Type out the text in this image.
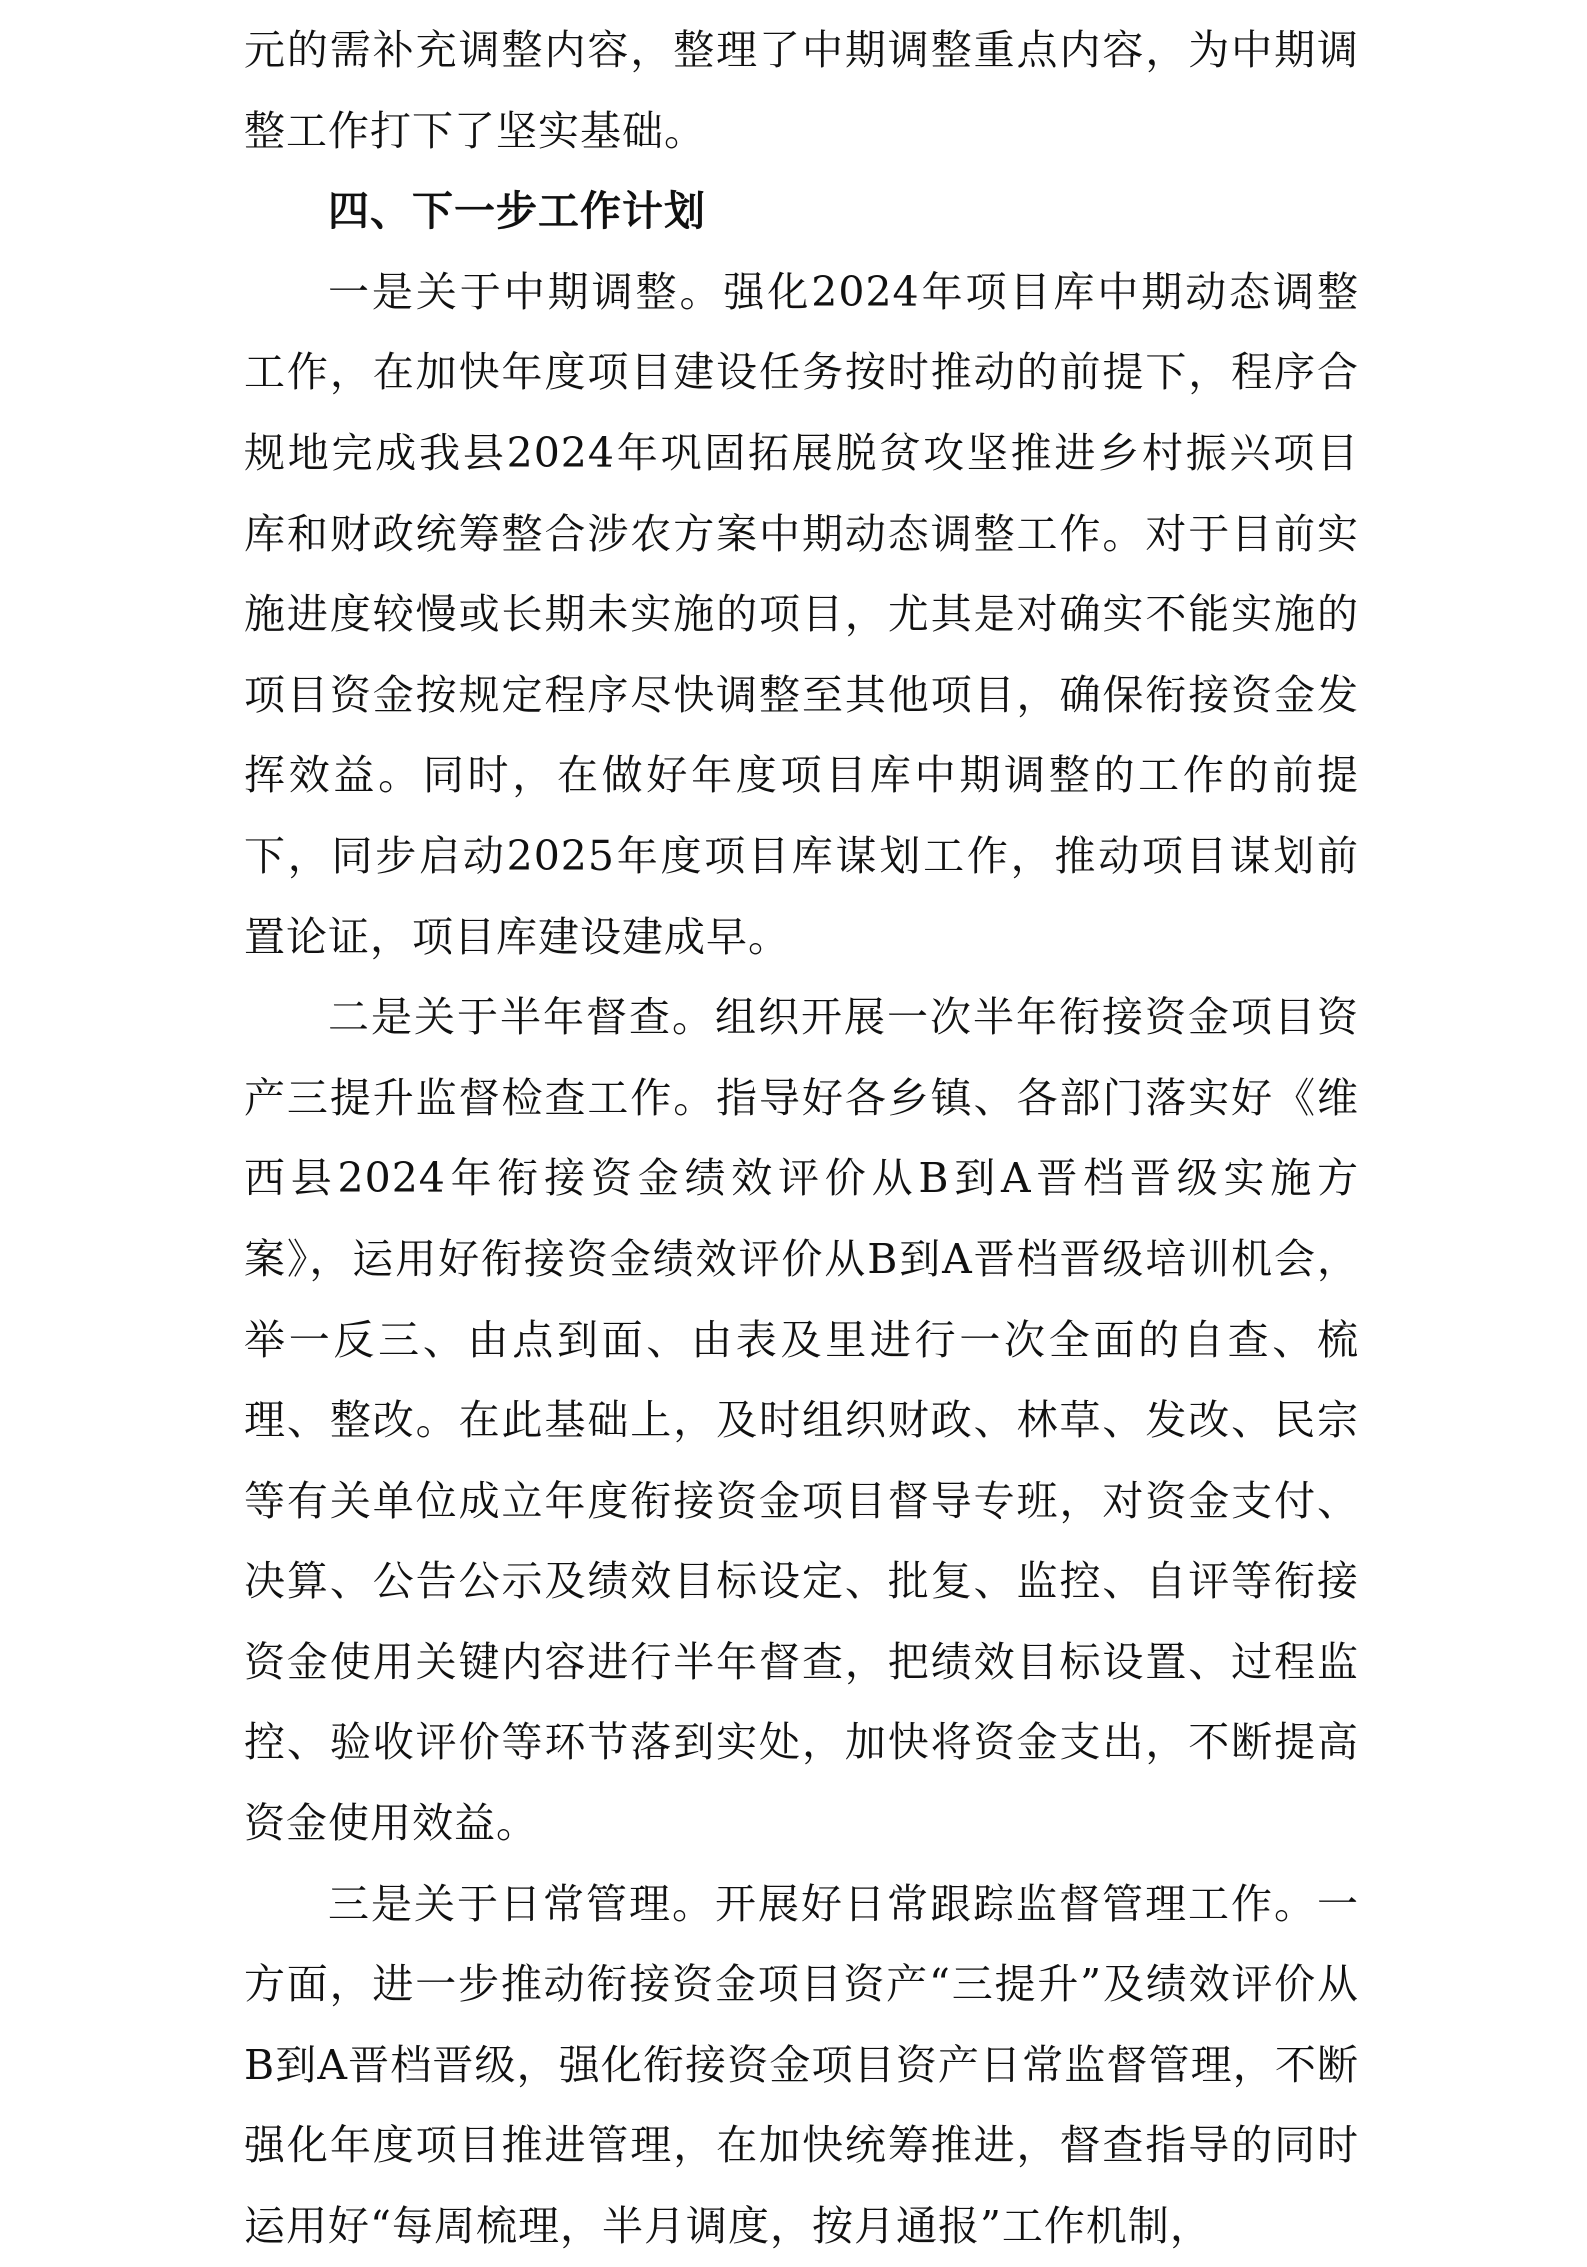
元的需补充调整内容，整理了中期调整重点内容，为中期调整工作打下了坚实基础。

四、下一步工作计划

一是关于中期调整。强化2024年项目库中期动态调整工作，在加快年度项目建设任务按时推动的前提下，程序合规地完成我县2024年巩固拓展脱贫攻坚推进乡村振兴项目库和财政统筹整合涉农方案中期动态调整工作。对于目前实施进度较慢或长期未实施的项目，尤其是对确实不能实施的项目资金按规定程序尽快调整至其他项目，确保衔接资金发挥效益。同时，在做好年度项目库中期调整的工作的前提下，同步启动2025年度项目库谋划工作，推动项目谋划前置论证，项目库建设建成早。

二是关于半年督查。组织开展一次半年衔接资金项目资产三提升监督检查工作。指导好各乡镇、各部门落实好《维西县2024年衔接资金绩效评价从B到A晋档晋级实施方案》，运用好衔接资金绩效评价从B到A晋档晋级培训机会，举一反三、由点到面、由表及里进行一次全面的自查、梳理、整改。在此基础上，及时组织财政、林草、发改、民宗等有关单位成立年度衔接资金项目督导专班，对资金支付、决算、公告公示及绩效目标设定、批复、监控、自评等衔接资金使用关键内容进行半年督查，把绩效目标设置、过程监控、验收评价等环节落到实处，加快将资金支出，不断提高资金使用效益。

三是关于日常管理。开展好日常跟踪监督管理工作。一方面，进一步推动衔接资金项目资产“三提升”及绩效评价从B到A晋档晋级，强化衔接资金项目资产日常监督管理，不断强化年度项目推进管理，在加快统筹推进，督查指导的同时运用好“每周梳理，半月调度，按月通报”工作机制，
